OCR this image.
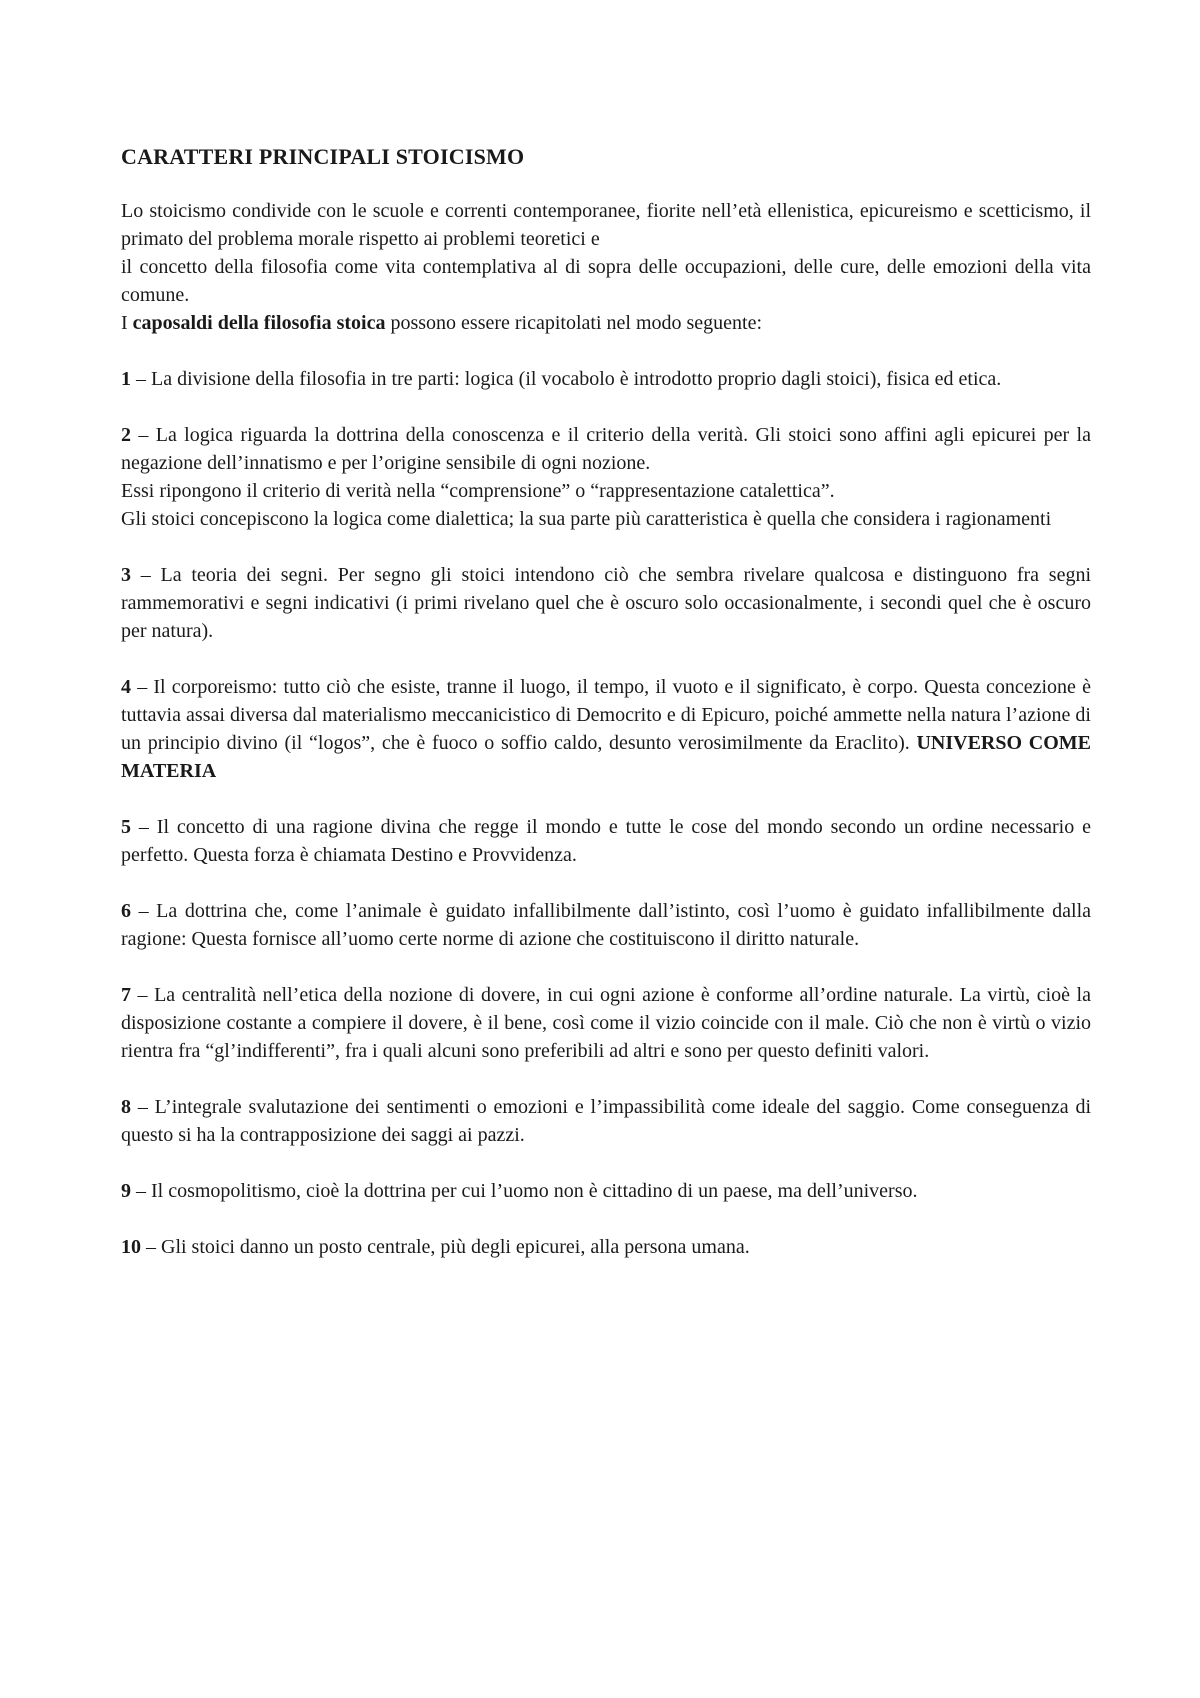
CARATTERI PRINCIPALI STOICISMO
Lo stoicismo condivide con le scuole e correnti contemporanee, fiorite nell’età ellenistica, epicureismo e scetticismo, il primato del problema morale rispetto ai problemi teoretici e
il concetto della filosofia come vita contemplativa al di sopra delle occupazioni, delle cure, delle emozioni della vita comune.
I caposaldi della filosofia stoica possono essere ricapitolati nel modo seguente:
1 – La divisione della filosofia in tre parti: logica (il vocabolo è introdotto proprio dagli stoici), fisica ed etica.
2 – La logica riguarda la dottrina della conoscenza e il criterio della verità. Gli stoici sono affini agli epicurei per la negazione dell’innatismo e per l’origine sensibile di ogni nozione.
Essi ripongono il criterio di verità nella “comprensione” o “rappresentazione catalettica”.
Gli stoici concepiscono la logica come dialettica; la sua parte più caratteristica è quella che considera i ragionamenti
3 – La teoria dei segni. Per segno gli stoici intendono ciò che sembra rivelare qualcosa e distinguono fra segni rammemorativi e segni indicativi (i primi rivelano quel che è oscuro solo occasionalmente, i secondi quel che è oscuro per natura).
4 – Il corporeismo: tutto ciò che esiste, tranne il luogo, il tempo, il vuoto e il significato, è corpo. Questa concezione è tuttavia assai diversa dal materialismo meccanicistico di Democrito e di Epicuro, poiché ammette nella natura l’azione di un principio divino (il “logos”, che è fuoco o soffio caldo, desunto verosimilmente da Eraclito). UNIVERSO COME MATERIA
5 – Il concetto di una ragione divina che regge il mondo e tutte le cose del mondo secondo un ordine necessario e perfetto. Questa forza è chiamata Destino e Provvidenza.
6 – La dottrina che, come l’animale è guidato infallibilmente dall’istinto, così l’uomo è guidato infallibilmente dalla ragione: Questa fornisce all’uomo certe norme di azione che costituiscono il diritto naturale.
7 – La centralità nell’etica della nozione di dovere, in cui ogni azione è conforme all’ordine naturale. La virtù, cioè la disposizione costante a compiere il dovere, è il bene, così come il vizio coincide con il male. Ciò che non è virtù o vizio rientra fra “gl’indifferenti”, fra i quali alcuni sono preferibili ad altri e sono per questo definiti valori.
8 – L’integrale svalutazione dei sentimenti o emozioni e l’impassibilità come ideale del saggio. Come conseguenza di questo si ha la contrapposizione dei saggi ai pazzi.
9 – Il cosmopolitismo, cioè la dottrina per cui l’uomo non è cittadino di un paese, ma dell’universo.
10 – Gli stoici danno un posto centrale, più degli epicurei, alla persona umana.
